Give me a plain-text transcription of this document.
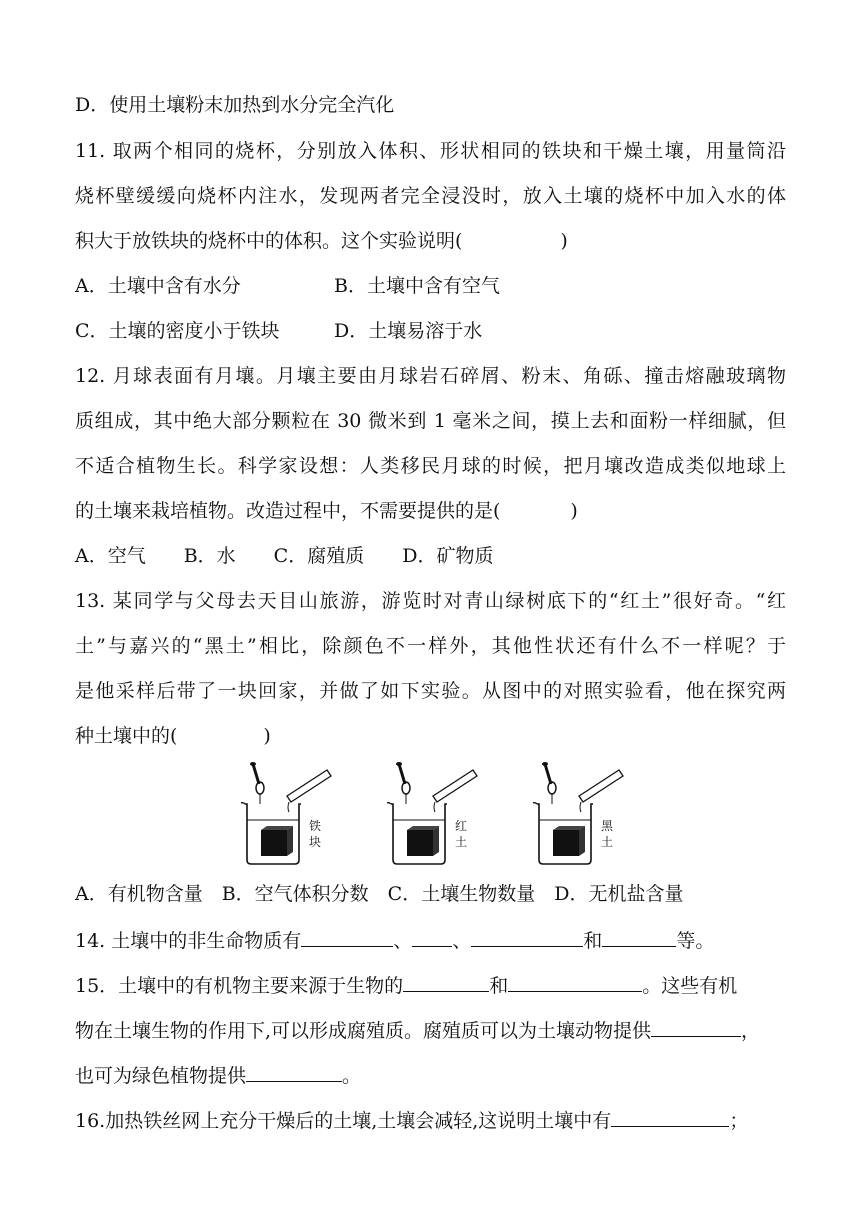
D．使用土壤粉末加热到水分完全汽化
11. 取两个相同的烧杯，分别放入体积、形状相同的铁块和干燥土壤，用量筒沿
烧杯壁缓缓向烧杯内注水，发现两者完全浸没时，放入土壤的烧杯中加入水的体
积大于放铁块的烧杯中的体积。这个实验说明(	)
A．土壤中含有水分	B．土壤中含有空气
C．土壤的密度小于铁块	D．土壤易溶于水
12. 月球表面有月壤。月壤主要由月球岩石碎屑、粉末、角砾、撞击熔融玻璃物
质组成，其中绝大部分颗粒在 30 微米到 1 毫米之间，摸上去和面粉一样细腻，但
不适合植物生长。科学家设想：人类移民月球的时候，把月壤改造成类似地球上
的土壤来栽培植物。改造过程中，不需要提供的是(	)
A．空气　　B．水　　C．腐殖质　　D．矿物质
13. 某同学与父母去天目山旅游，游览时对青山绿树底下的“红土”很好奇。“红
土”与嘉兴的“黑土”相比，除颜色不一样外，其他性状还有什么不一样呢？于
是他采样后带了一块回家，并做了如下实验。从图中的对照实验看，他在探究两
种土壤中的(	)
铁
块
红
土
黑
土
A．有机物含量　B．空气体积分数　C．土壤生物数量　D．无机盐含量
14. 土壤中的非生命物质有	、 、	和	等。
15．土壤中的有机物主要来源于生物的	和	。这些有机
物在土壤生物的作用下,可以形成腐殖质。腐殖质可以为土壤动物提供	，
也可为绿色植物提供	。
16.加热铁丝网上充分干燥后的土壤,土壤会减轻,这说明土壤中有	；
